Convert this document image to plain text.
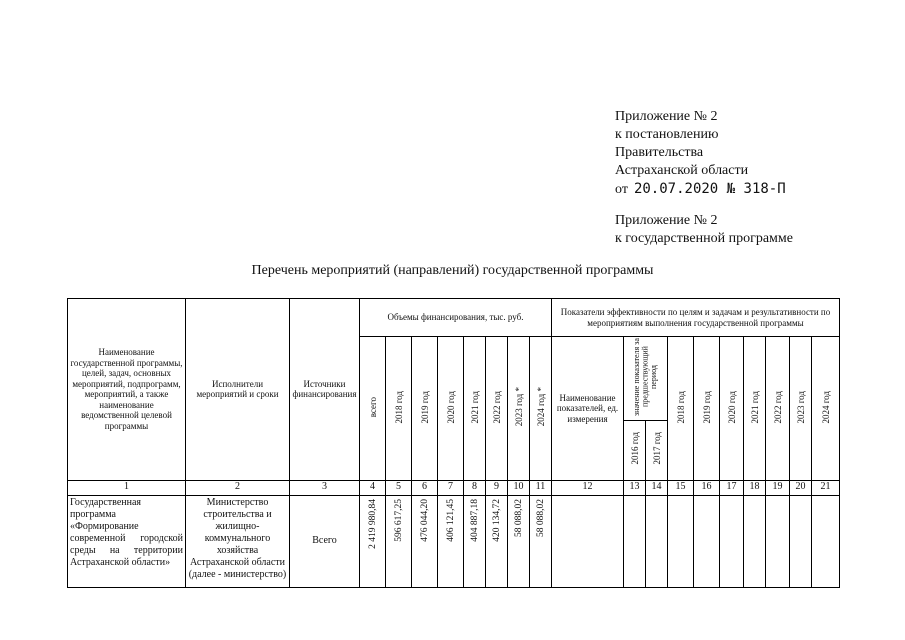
Приложение № 2
к постановлению
Правительства
Астраханской области
от 20.07.2020 № 318-П
Приложение № 2
к государственной программе
Перечень мероприятий (направлений) государственной программы
Наименование государственной программы, целей, задач, основных мероприятий, подпрограмм, мероприятий, а также наименование ведомственной целевой программы	Исполнители мероприятий и сроки	Источники финансирования	Объемы финансирования, тыс. руб.								Показатели эффективности по целям и задачам и результативности по мероприятиям выполнения государственной программы									
			всего	2018 год	2019 год	2020 год	2021 год	2022 год	2023 год *	2024 год *	Наименование показателей, ед. измерения	значение показателя за предшествующий период		2018 год	2019 год	2020 год	2021 год	2022 год	2023 год	2024 год
												2016 год	2017 год							
1	2	3	4	5	6	7	8	9	10	11	12	13	14	15	16	17	18	19	20	21
Государственная программа «Формирование современной городской среды на территории Астраханской области»	Министерство строительства и жилищно-коммунального хозяйства Астраханской области (далее - министерство)	Всего	2 419 980,84	596 617,25	476 044,20	406 121,45	404 887,18	420 134,72	58 088,02	58 088,02										
